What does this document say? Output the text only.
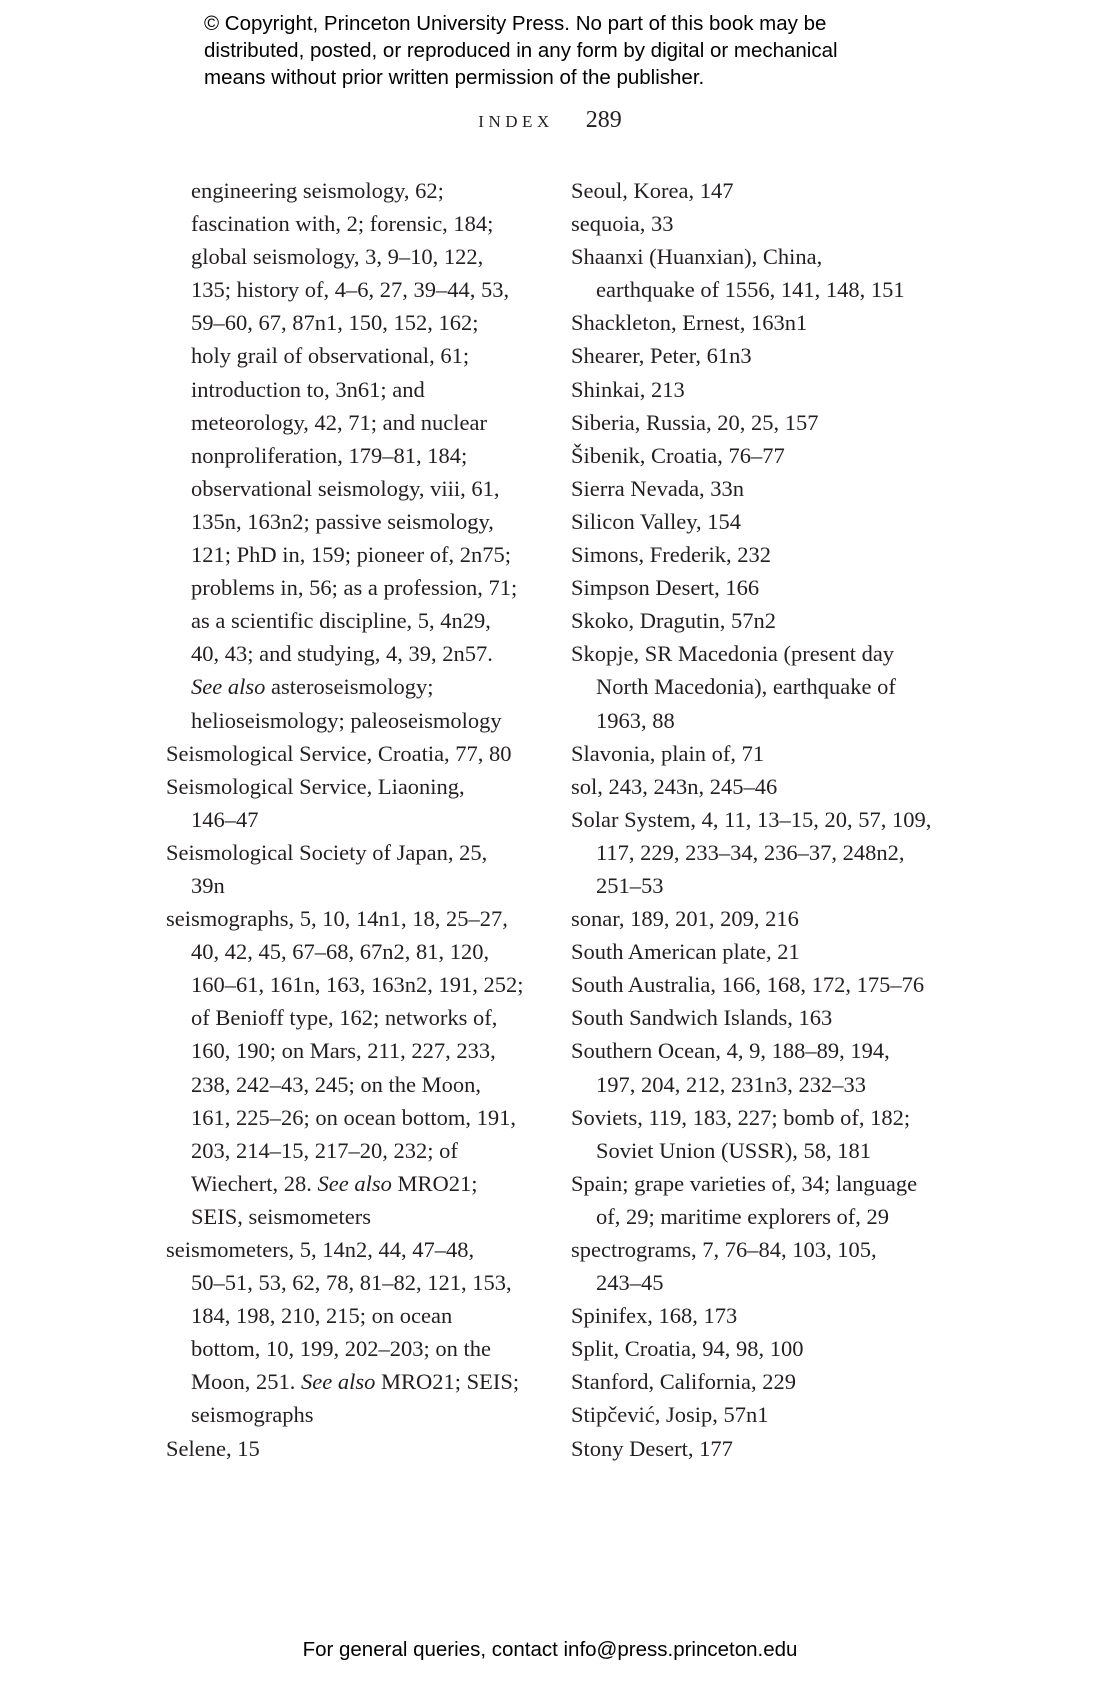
© Copyright, Princeton University Press. No part of this book may be
distributed, posted, or reproduced in any form by digital or mechanical
means without prior written permission of the publisher.
INDEX 289
engineering seismology, 62;
fascination with, 2; forensic, 184;
global seismology, 3, 9–10, 122,
135; history of, 4–6, 27, 39–44, 53,
59–60, 67, 87n1, 150, 152, 162;
holy grail of observational, 61;
introduction to, 3n61; and
meteorology, 42, 71; and nuclear
nonproliferation, 179–81, 184;
observational seismology, viii, 61,
135n, 163n2; passive seismology,
121; PhD in, 159; pioneer of, 2n75;
problems in, 56; as a profession, 71;
as a scientific discipline, 5, 4n29,
40, 43; and studying, 4, 39, 2n57.
See also asteroseismology;
helioseismology; paleoseismology
Seismological Service, Croatia, 77, 80
Seismological Service, Liaoning,
146–47
Seismological Society of Japan, 25,
39n
seismographs, 5, 10, 14n1, 18, 25–27,
40, 42, 45, 67–68, 67n2, 81, 120,
160–61, 161n, 163, 163n2, 191, 252;
of Benioff type, 162; networks of,
160, 190; on Mars, 211, 227, 233,
238, 242–43, 245; on the Moon,
161, 225–26; on ocean bottom, 191,
203, 214–15, 217–20, 232; of
Wiechert, 28. See also MRO21;
SEIS, seismometers
seismometers, 5, 14n2, 44, 47–48,
50–51, 53, 62, 78, 81–82, 121, 153,
184, 198, 210, 215; on ocean
bottom, 10, 199, 202–203; on the
Moon, 251. See also MRO21; SEIS;
seismographs
Selene, 15
Seoul, Korea, 147
sequoia, 33
Shaanxi (Huanxian), China,
earthquake of 1556, 141, 148, 151
Shackleton, Ernest, 163n1
Shearer, Peter, 61n3
Shinkai, 213
Siberia, Russia, 20, 25, 157
Šibenik, Croatia, 76–77
Sierra Nevada, 33n
Silicon Valley, 154
Simons, Frederik, 232
Simpson Desert, 166
Skoko, Dragutin, 57n2
Skopje, SR Macedonia (present day
North Macedonia), earthquake of
1963, 88
Slavonia, plain of, 71
sol, 243, 243n, 245–46
Solar System, 4, 11, 13–15, 20, 57, 109,
117, 229, 233–34, 236–37, 248n2,
251–53
sonar, 189, 201, 209, 216
South American plate, 21
South Australia, 166, 168, 172, 175–76
South Sandwich Islands, 163
Southern Ocean, 4, 9, 188–89, 194,
197, 204, 212, 231n3, 232–33
Soviets, 119, 183, 227; bomb of, 182;
Soviet Union (USSR), 58, 181
Spain; grape varieties of, 34; language
of, 29; maritime explorers of, 29
spectrograms, 7, 76–84, 103, 105,
243–45
Spinifex, 168, 173
Split, Croatia, 94, 98, 100
Stanford, California, 229
Stipčević, Josip, 57n1
Stony Desert, 177
For general queries, contact info@press.princeton.edu
